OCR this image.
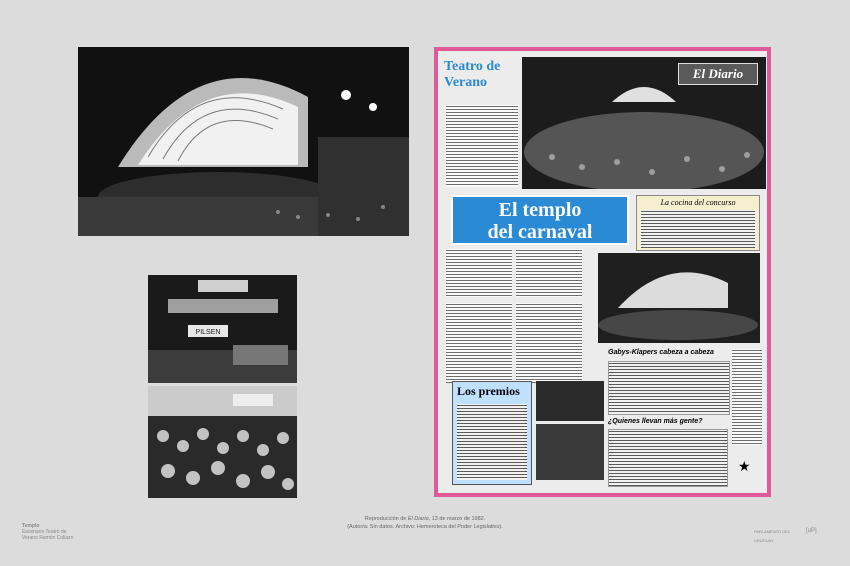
PILSEN
Teatro de
Verano
El Diario
El templo
del carnaval
La cocina del concurso
Gabys-Klapers cabeza a cabeza
Los premios
¿Quienes llevan más gente?
★
Reproducción de El Diario, 13 de marzo de 1982.
(Autor/a: Sin datos. Archivo: Hemeroteca del Poder Legislativo).
Templo
Escenario Teatro de
Verano Ramón Collazo
PARLAMENTO DEL URUGUAY
[uP]
